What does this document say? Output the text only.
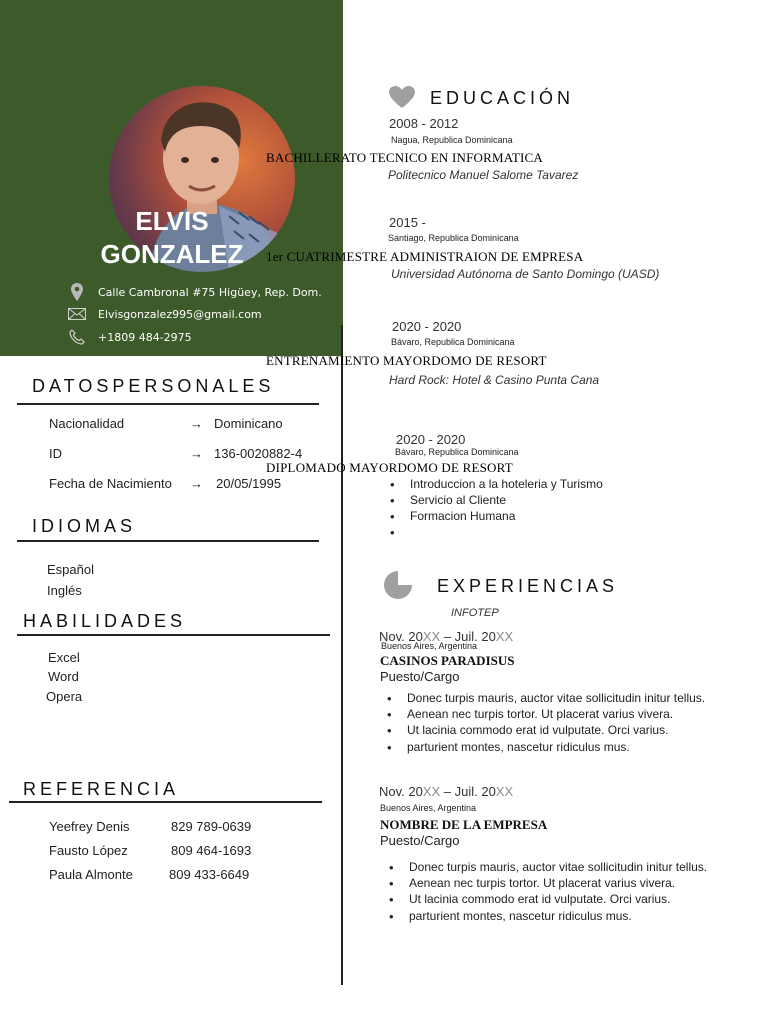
ELVIS
GONZALEZ
Calle Cambronal #75 Higüey, Rep. Dom.
Elvisgonzalez995@gmail.com
+1809 484-2975
DATOSPERSONALES
Nacionalidad	→ Dominicano
ID	→ 136-0020882-4
Fecha de Nacimiento → 20/05/1995
IDIOMAS
Español
Inglés
HABILIDADES
Excel
Word
Opera
REFERENCIA
Yeefrey Denis	829 789-0639
Fausto López	809 464-1693
Paula Almonte	809 433-6649
EDUCACIÓN
2008 - 2012
Nagua, Republica Dominicana
BACHILLERATO TECNICO EN INFORMATICA
Politecnico Manuel Salome Tavarez
2015 -
Santiago, Republica Dominicana
1er CUATRIMESTRE ADMINISTRAION DE EMPRESA
Universidad Autónoma de Santo Domingo (UASD)
2020 - 2020
Bávaro, Republica Dominicana
ENTRENAMIENTO MAYORDOMO DE RESORT
Hard Rock: Hotel & Casino Punta Cana
2020 - 2020
Bávaro, Republica Dominicana
DIPLOMADO MAYORDOMO DE RESORT
• Introduccion a la hoteleria y Turismo
• Servicio al Cliente
• Formacion Humana
EXPERIENCIAS
INFOTEP
Nov. 20XX – Juil. 20XX
Buenos Aires, Argentina
CASINOS PARADISUS
Puesto/Cargo
• Donec turpis mauris, auctor vitae sollicitudin initur tellus.
• Aenean nec turpis tortor. Ut placerat varius vivera.
• Ut lacinia commodo erat id vulputate. Orci varius.
• parturient montes, nascetur ridiculus mus.
Nov. 20XX – Juil. 20XX
Buenos Aires, Argentina
NOMBRE DE LA EMPRESA
Puesto/Cargo
• Donec turpis mauris, auctor vitae sollicitudin initur tellus.
• Aenean nec turpis tortor. Ut placerat varius vivera.
• Ut lacinia commodo erat id vulputate. Orci varius.
• parturient montes, nascetur ridiculus mus.
